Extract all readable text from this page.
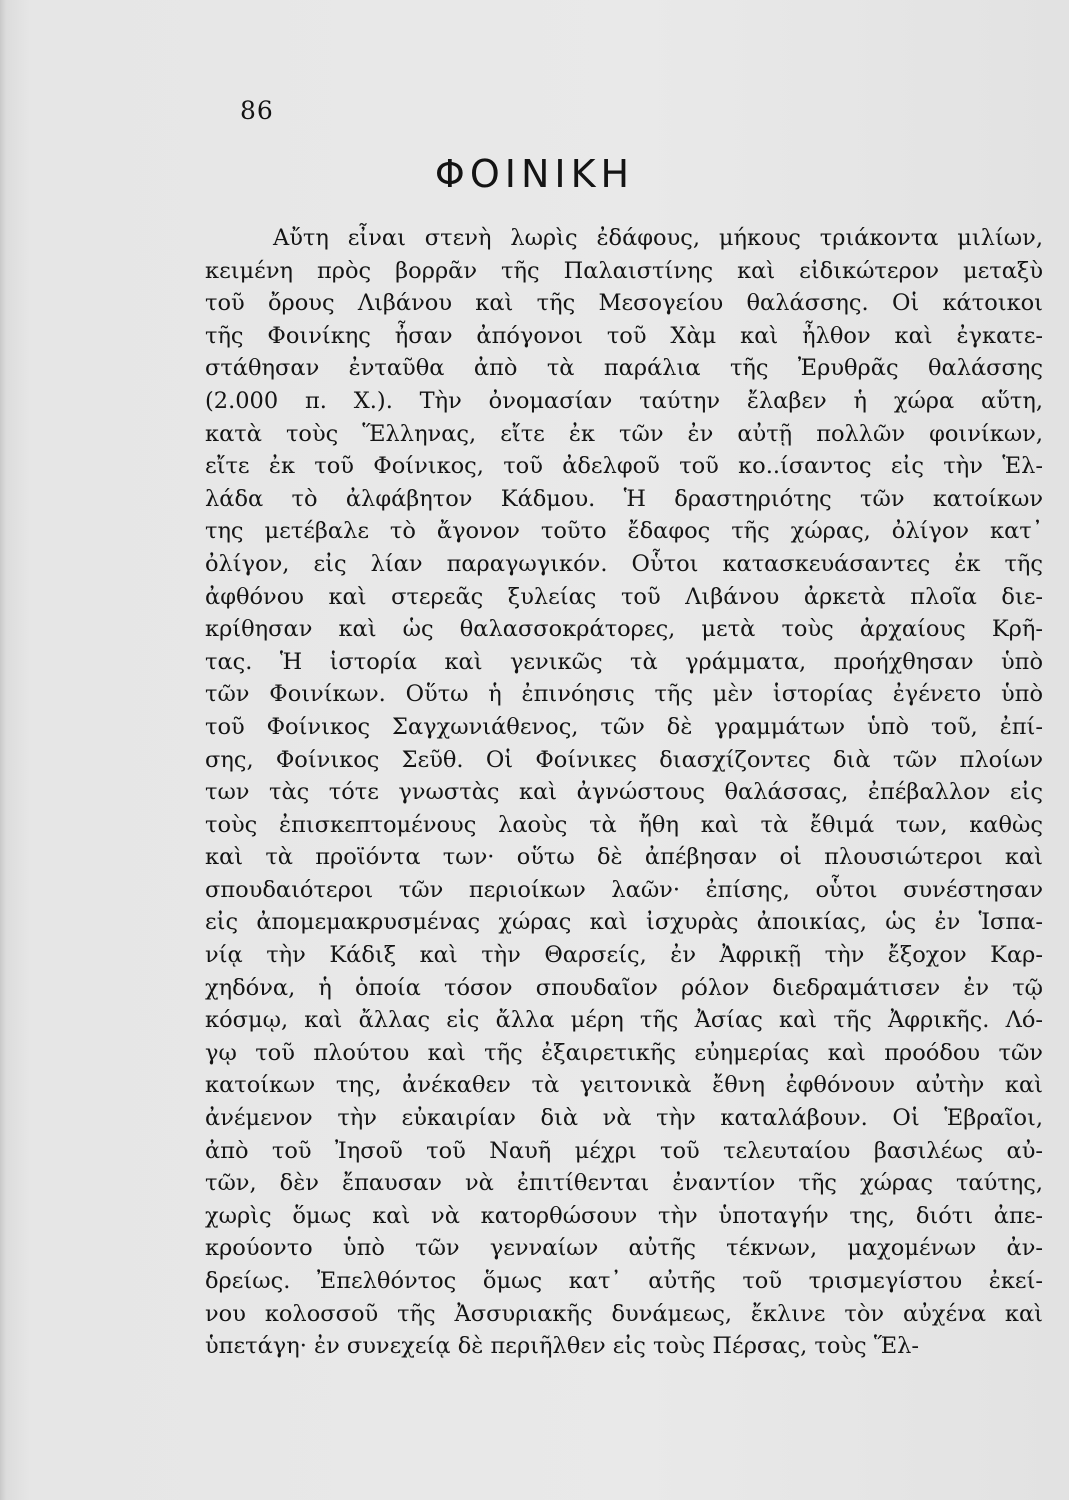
86
ΦΟΙΝΙΚΗ
Αὔτη εἶναι στενὴ λωρὶς ἐδάφους, μήκους τριάκοντα μιλίων,
κειμένη πρὸς βορρᾶν τῆς Παλαιστίνης καὶ εἰδικώτερον μεταξὺ
τοῦ ὄρους Λιβάνου καὶ τῆς Μεσογείου θαλάσσης. Οἱ κάτοικοι
τῆς Φοινίκης ἦσαν ἀπόγονοι τοῦ Χὰμ καὶ ἦλθον καὶ ἐγκατε-
στάθησαν ἐνταῦθα ἀπὸ τὰ παράλια τῆς Ἐρυθρᾶς θαλάσσης
(2.000 π. Χ.). Τὴν ὀνομασίαν ταύτην ἔλαβεν ἡ χώρα αὕτη,
κατὰ τοὺς Ἕλληνας, εἴτε ἐκ τῶν ἐν αὐτῇ πολλῶν φοινίκων,
εἴτε ἐκ τοῦ Φοίνικος, τοῦ ἀδελφοῦ τοῦ κο..ίσαντος εἰς τὴν Ἑλ-
λάδα τὸ ἀλφάβητον Κάδμου. Ἡ δραστηριότης τῶν κατοίκων
της μετέβαλε τὸ ἄγονον τοῦτο ἔδαφος τῆς χώρας, ὀλίγον κατ᾿
ὀλίγον, εἰς λίαν παραγωγικόν. Οὗτοι κατασκευάσαντες ἐκ τῆς
ἀφθόνου καὶ στερεᾶς ξυλείας τοῦ Λιβάνου ἀρκετὰ πλοῖα διε-
κρίθησαν καὶ ὡς θαλασσοκράτορες, μετὰ τοὺς ἀρχαίους Κρῆ-
τας. Ἡ ἱστορία καὶ γενικῶς τὰ γράμματα, προήχθησαν ὑπὸ
τῶν Φοινίκων. Οὕτω ἡ ἐπινόησις τῆς μὲν ἱστορίας ἐγένετο ὑπὸ
τοῦ Φοίνικος Σαγχωνιάθενος, τῶν δὲ γραμμάτων ὑπὸ τοῦ, ἐπί-
σης, Φοίνικος Σεῦθ. Οἱ Φοίνικες διασχίζοντες διὰ τῶν πλοίων
των τὰς τότε γνωστὰς καὶ ἀγνώστους θαλάσσας, ἐπέβαλλον εἰς
τοὺς ἐπισκεπτομένους λαοὺς τὰ ἤθη καὶ τὰ ἔθιμά των, καθὼς
καὶ τὰ προϊόντα των· οὕτω δὲ ἀπέβησαν οἱ πλουσιώτεροι καὶ
σπουδαιότεροι τῶν περιοίκων λαῶν· ἐπίσης, οὗτοι συνέστησαν
εἰς ἀπομεμακρυσμένας χώρας καὶ ἰσχυρὰς ἀποικίας, ὡς ἐν Ἱσπα-
νίᾳ τὴν Κάδιξ καὶ τὴν Θαρσείς, ἐν Ἀφρικῇ τὴν ἔξοχον Καρ-
χηδόνα, ἡ ὁποία τόσον σπουδαῖον ρόλον διεδραμάτισεν ἐν τῷ
κόσμῳ, καὶ ἄλλας εἰς ἄλλα μέρη τῆς Ἀσίας καὶ τῆς Ἀφρικῆς. Λό-
γῳ τοῦ πλούτου καὶ τῆς ἐξαιρετικῆς εὐημερίας καὶ προόδου τῶν
κατοίκων της, ἀνέκαθεν τὰ γειτονικὰ ἔθνη ἐφθόνουν αὐτὴν καὶ
ἀνέμενον τὴν εὐκαιρίαν διὰ νὰ τὴν καταλάβουν. Οἱ Ἑβραῖοι,
ἀπὸ τοῦ Ἰησοῦ τοῦ Ναυῆ μέχρι τοῦ τελευταίου βασιλέως αὐ-
τῶν, δὲν ἔπαυσαν νὰ ἐπιτίθενται ἐναντίον τῆς χώρας ταύτης,
χωρὶς ὅμως καὶ νὰ κατορθώσουν τὴν ὑποταγήν της, διότι ἀπε-
κρούοντο ὑπὸ τῶν γενναίων αὐτῆς τέκνων, μαχομένων ἀν-
δρείως. Ἐπελθόντος ὅμως κατ᾿ αὐτῆς τοῦ τρισμεγίστου ἐκεί-
νου κολοσσοῦ τῆς Ἀσσυριακῆς δυνάμεως, ἔκλινε τὸν αὐχένα καὶ
ὑπετάγη· ἐν συνεχείᾳ δὲ περιῆλθεν εἰς τοὺς Πέρσας, τοὺς Ἕλ-
